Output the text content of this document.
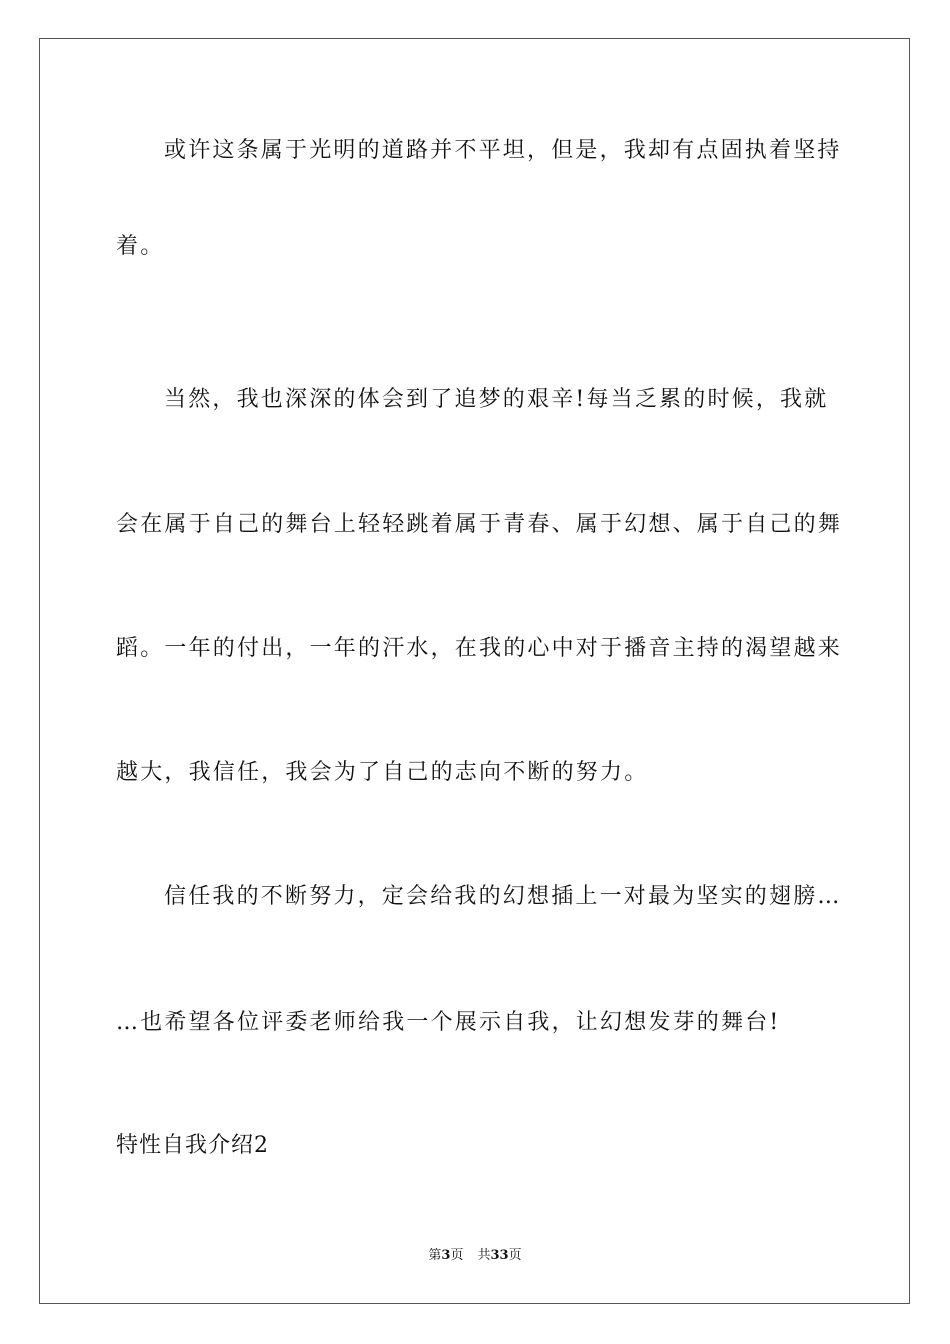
或许这条属于光明的道路并不平坦，但是，我却有点固执着坚持
着。
当然，我也深深的体会到了追梦的艰辛!每当乏累的时候，我就
会在属于自己的舞台上轻轻跳着属于青春、属于幻想、属于自己的舞
蹈。一年的付出，一年的汗水，在我的心中对于播音主持的渴望越来
越大，我信任，我会为了自己的志向不断的努力。
信任我的不断努力，定会给我的幻想插上一对最为坚实的翅膀…
…也希望各位评委老师给我一个展示自我，让幻想发芽的舞台!
特性自我介绍2
第3页 共33页
